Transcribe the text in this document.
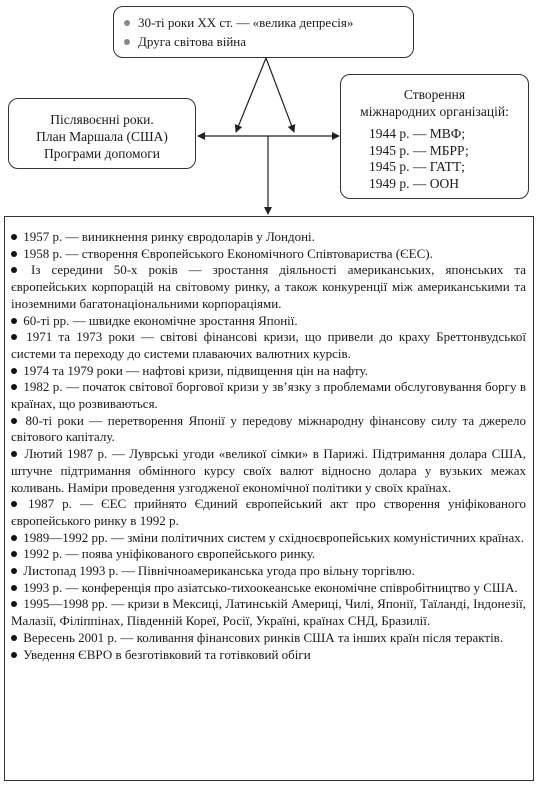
30-ті роки ХХ ст. — «велика депресія»
Друга світова війна
Післявоєнні роки.
План Маршала (США)
Програми допомоги
Створення
міжнародних організацій:
1944 р. — МВФ;
1945 р. — МБРР;
1945 р. — ГАТТ;
1949 р. — ООН
1957 р. — виникнення ринку євродоларів у Лондоні.
1958 р. — створення Європейського Економічного Співтовариства (ЄЕС).
Із середини 50-х років — зростання діяльності американських, японських та європейських корпорацій на світовому ринку, а також конкуренції між американськими та іноземними багатонаціональними корпораціями.
60-ті рр. — швидке економічне зростання Японії.
1971 та 1973 роки — світові фінансові кризи, що привели до краху Бреттонвудської системи та переходу до системи плаваючих валютних курсів.
1974 та 1979 роки — нафтові кризи, підвищення цін на нафту.
1982 р. — початок світової боргової кризи у зв’язку з проблемами обслуговування боргу в країнах, що розвиваються.
80-ті роки — перетворення Японії у передову міжнародну фінансову силу та джерело світового капіталу.
Лютий 1987 р. — Луврські угоди «великої сімки» в Парижі. Підтримання долара США, штучне підтримання обмінного курсу своїх валют відносно долара у вузьких межах коливань. Наміри проведення узгодженої економічної політики у своїх країнах.
1987 р. — ЄЕС прийнято Єдиний європейський акт про створення уніфікованого європейського ринку в 1992 р.
1989—1992 рр. — зміни політичних систем у східноєвропейських комуністичних країнах.
1992 р. — поява уніфікованого європейського ринку.
Листопад 1993 р. — Північноамериканська угода про вільну торгівлю.
1993 р. — конференція про азіатсько-тихоокеанське економічне співробітництво у США.
1995—1998 рр. — кризи в Мексиці, Латинській Америці, Чилі, Японії, Таїланді, Індонезії, Малазії, Філіппінах, Південній Кореї, Росії, Україні, країнах СНД, Бразилії.
Вересень 2001 р. — коливання фінансових ринків США та інших країн після терактів.
Уведення ЄВРО в безготівковий та готівковий обіги
